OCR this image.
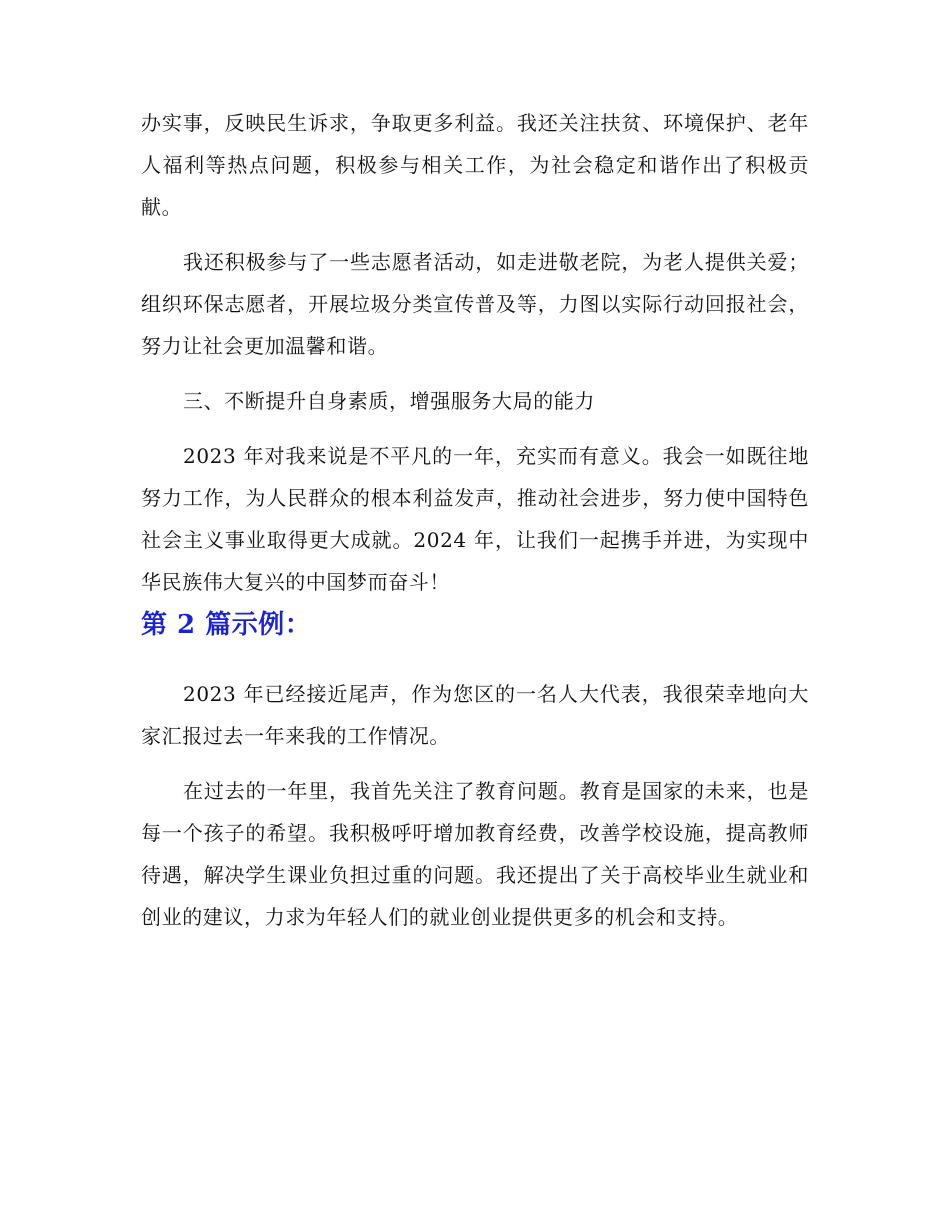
办实事，反映民生诉求，争取更多利益。我还关注扶贫、环境保护、老年人福利等热点问题，积极参与相关工作，为社会稳定和谐作出了积极贡献。

我还积极参与了一些志愿者活动，如走进敬老院，为老人提供关爱；组织环保志愿者，开展垃圾分类宣传普及等，力图以实际行动回报社会，努力让社会更加温馨和谐。

三、不断提升自身素质，增强服务大局的能力

2023 年对我来说是不平凡的一年，充实而有意义。我会一如既往地努力工作，为人民群众的根本利益发声，推动社会进步，努力使中国特色社会主义事业取得更大成就。2024 年，让我们一起携手并进，为实现中华民族伟大复兴的中国梦而奋斗！

第 2 篇示例：

2023 年已经接近尾声，作为您区的一名人大代表，我很荣幸地向大家汇报过去一年来我的工作情况。

在过去的一年里，我首先关注了教育问题。教育是国家的未来，也是每一个孩子的希望。我积极呼吁增加教育经费，改善学校设施，提高教师待遇，解决学生课业负担过重的问题。我还提出了关于高校毕业生就业和创业的建议，力求为年轻人们的就业创业提供更多的机会和支持。
